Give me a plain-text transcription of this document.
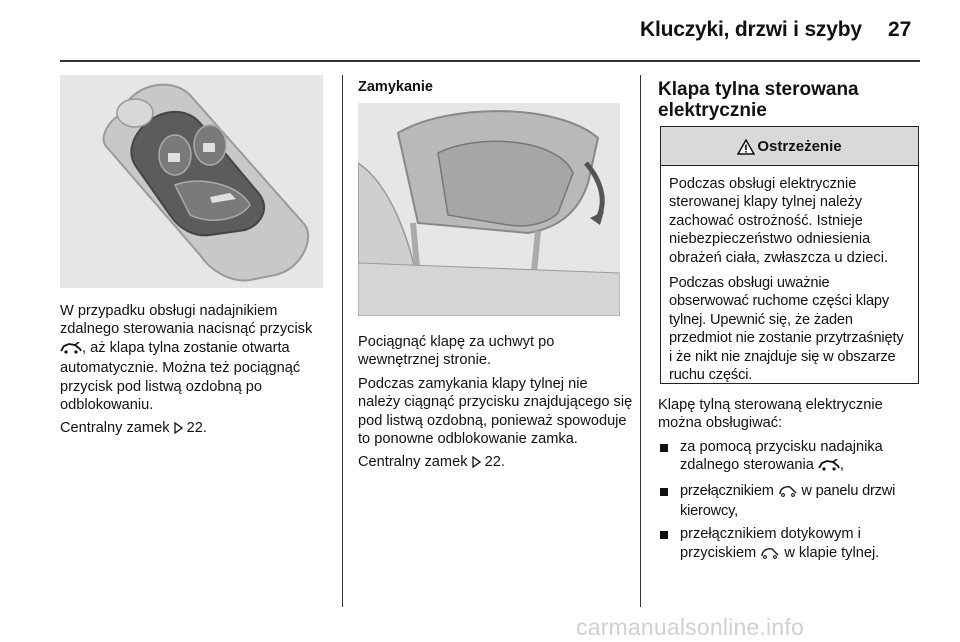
Kluczyki, drzwi i szyby 27

W przypadku obsługi nadajnikiem zdalnego sterowania nacisnąć przycisk , aż klapa tylna zostanie otwarta automatycznie. Można też pociągnąć przycisk pod listwą ozdobną po odblokowaniu.

Centralny zamek  22.

Zamykanie

Pociągnąć klapę za uchwyt po wewnętrznej stronie.

Podczas zamykania klapy tylnej nie należy ciągnąć przycisku znajdującego się pod listwą ozdobną, ponieważ spowoduje to ponowne odblokowanie zamka.

Centralny zamek  22.

Klapa tylna sterowana elektrycznie
Ostrzeżenie

Podczas obsługi elektrycznie sterowanej klapy tylnej należy zachować ostrożność. Istnieje niebezpieczeństwo odniesienia obrażeń ciała, zwłaszcza u dzieci.

Podczas obsługi uważnie obserwować ruchome części klapy tylnej. Upewnić się, że żaden przedmiot nie zostanie przytrzaśnięty i że nikt nie znajduje się w obszarze ruchu części.

Klapę tylną sterowaną elektrycznie można obsługiwać:

za pomocą przycisku nadajnika zdalnego sterowania ,
przełącznikiem  w panelu drzwi kierowcy,
przełącznikiem dotykowym i przyciskiem  w klapie tylnej.
carmanualsonline.info
